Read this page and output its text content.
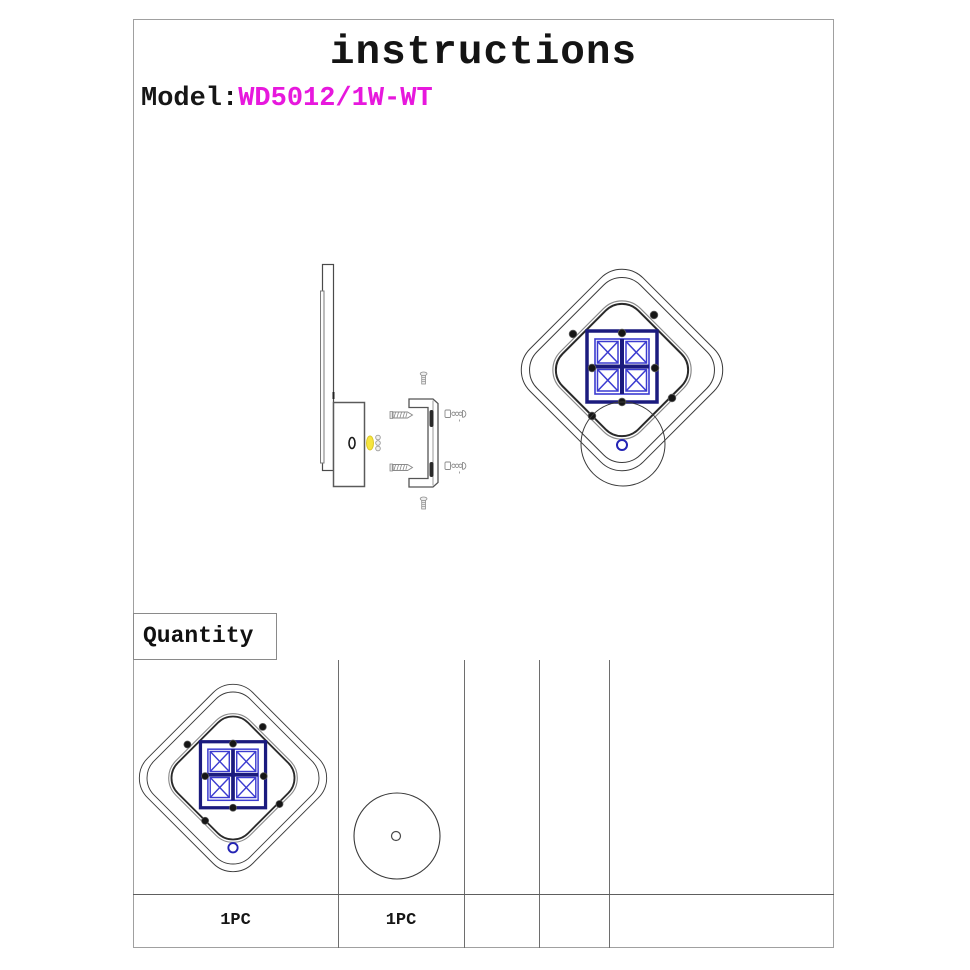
instructions
Model:WD5012/1W-WT
Quantity
1PC	1PC
